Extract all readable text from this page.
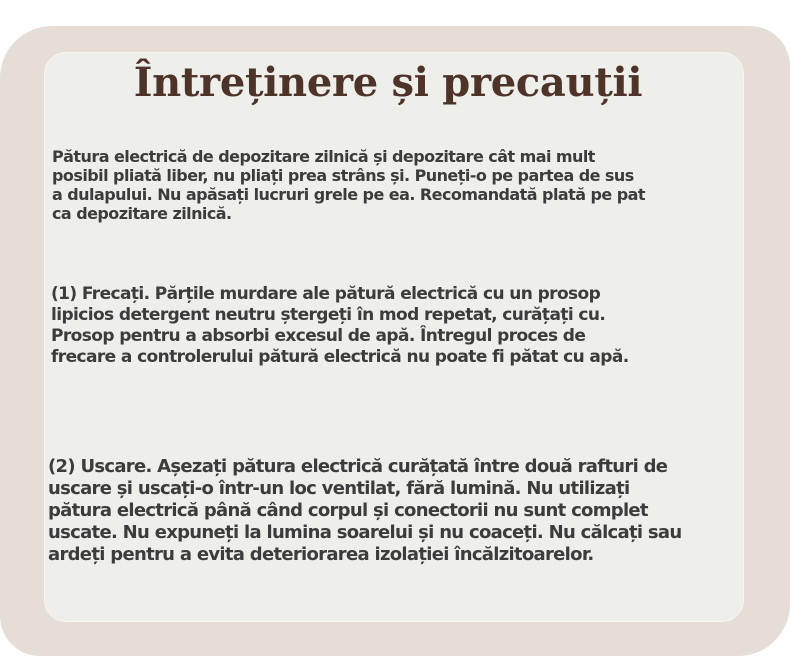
Întreținere și precauții

Pătura electrică de depozitare zilnică și depozitare cât mai mult
posibil pliată liber, nu pliați prea strâns și. Puneți-o pe partea de sus
a dulapului. Nu apăsați lucruri grele pe ea. Recomandată plată pe pat
ca depozitare zilnică.

(1) Frecați. Părțile murdare ale pătură electrică cu un prosop
lipicios detergent neutru ștergeți în mod repetat, curățați cu.
Prosop pentru a absorbi excesul de apă. Întregul proces de
frecare a controlerului pătură electrică nu poate fi pătat cu apă.

(2) Uscare. Așezați pătura electrică curățată între două rafturi de
uscare și uscați-o într-un loc ventilat, fără lumină. Nu utilizați
pătura electrică până când corpul și conectorii nu sunt complet
uscate. Nu expuneți la lumina soarelui și nu coaceți. Nu călcați sau
ardeți pentru a evita deteriorarea izolației încălzitoarelor.
